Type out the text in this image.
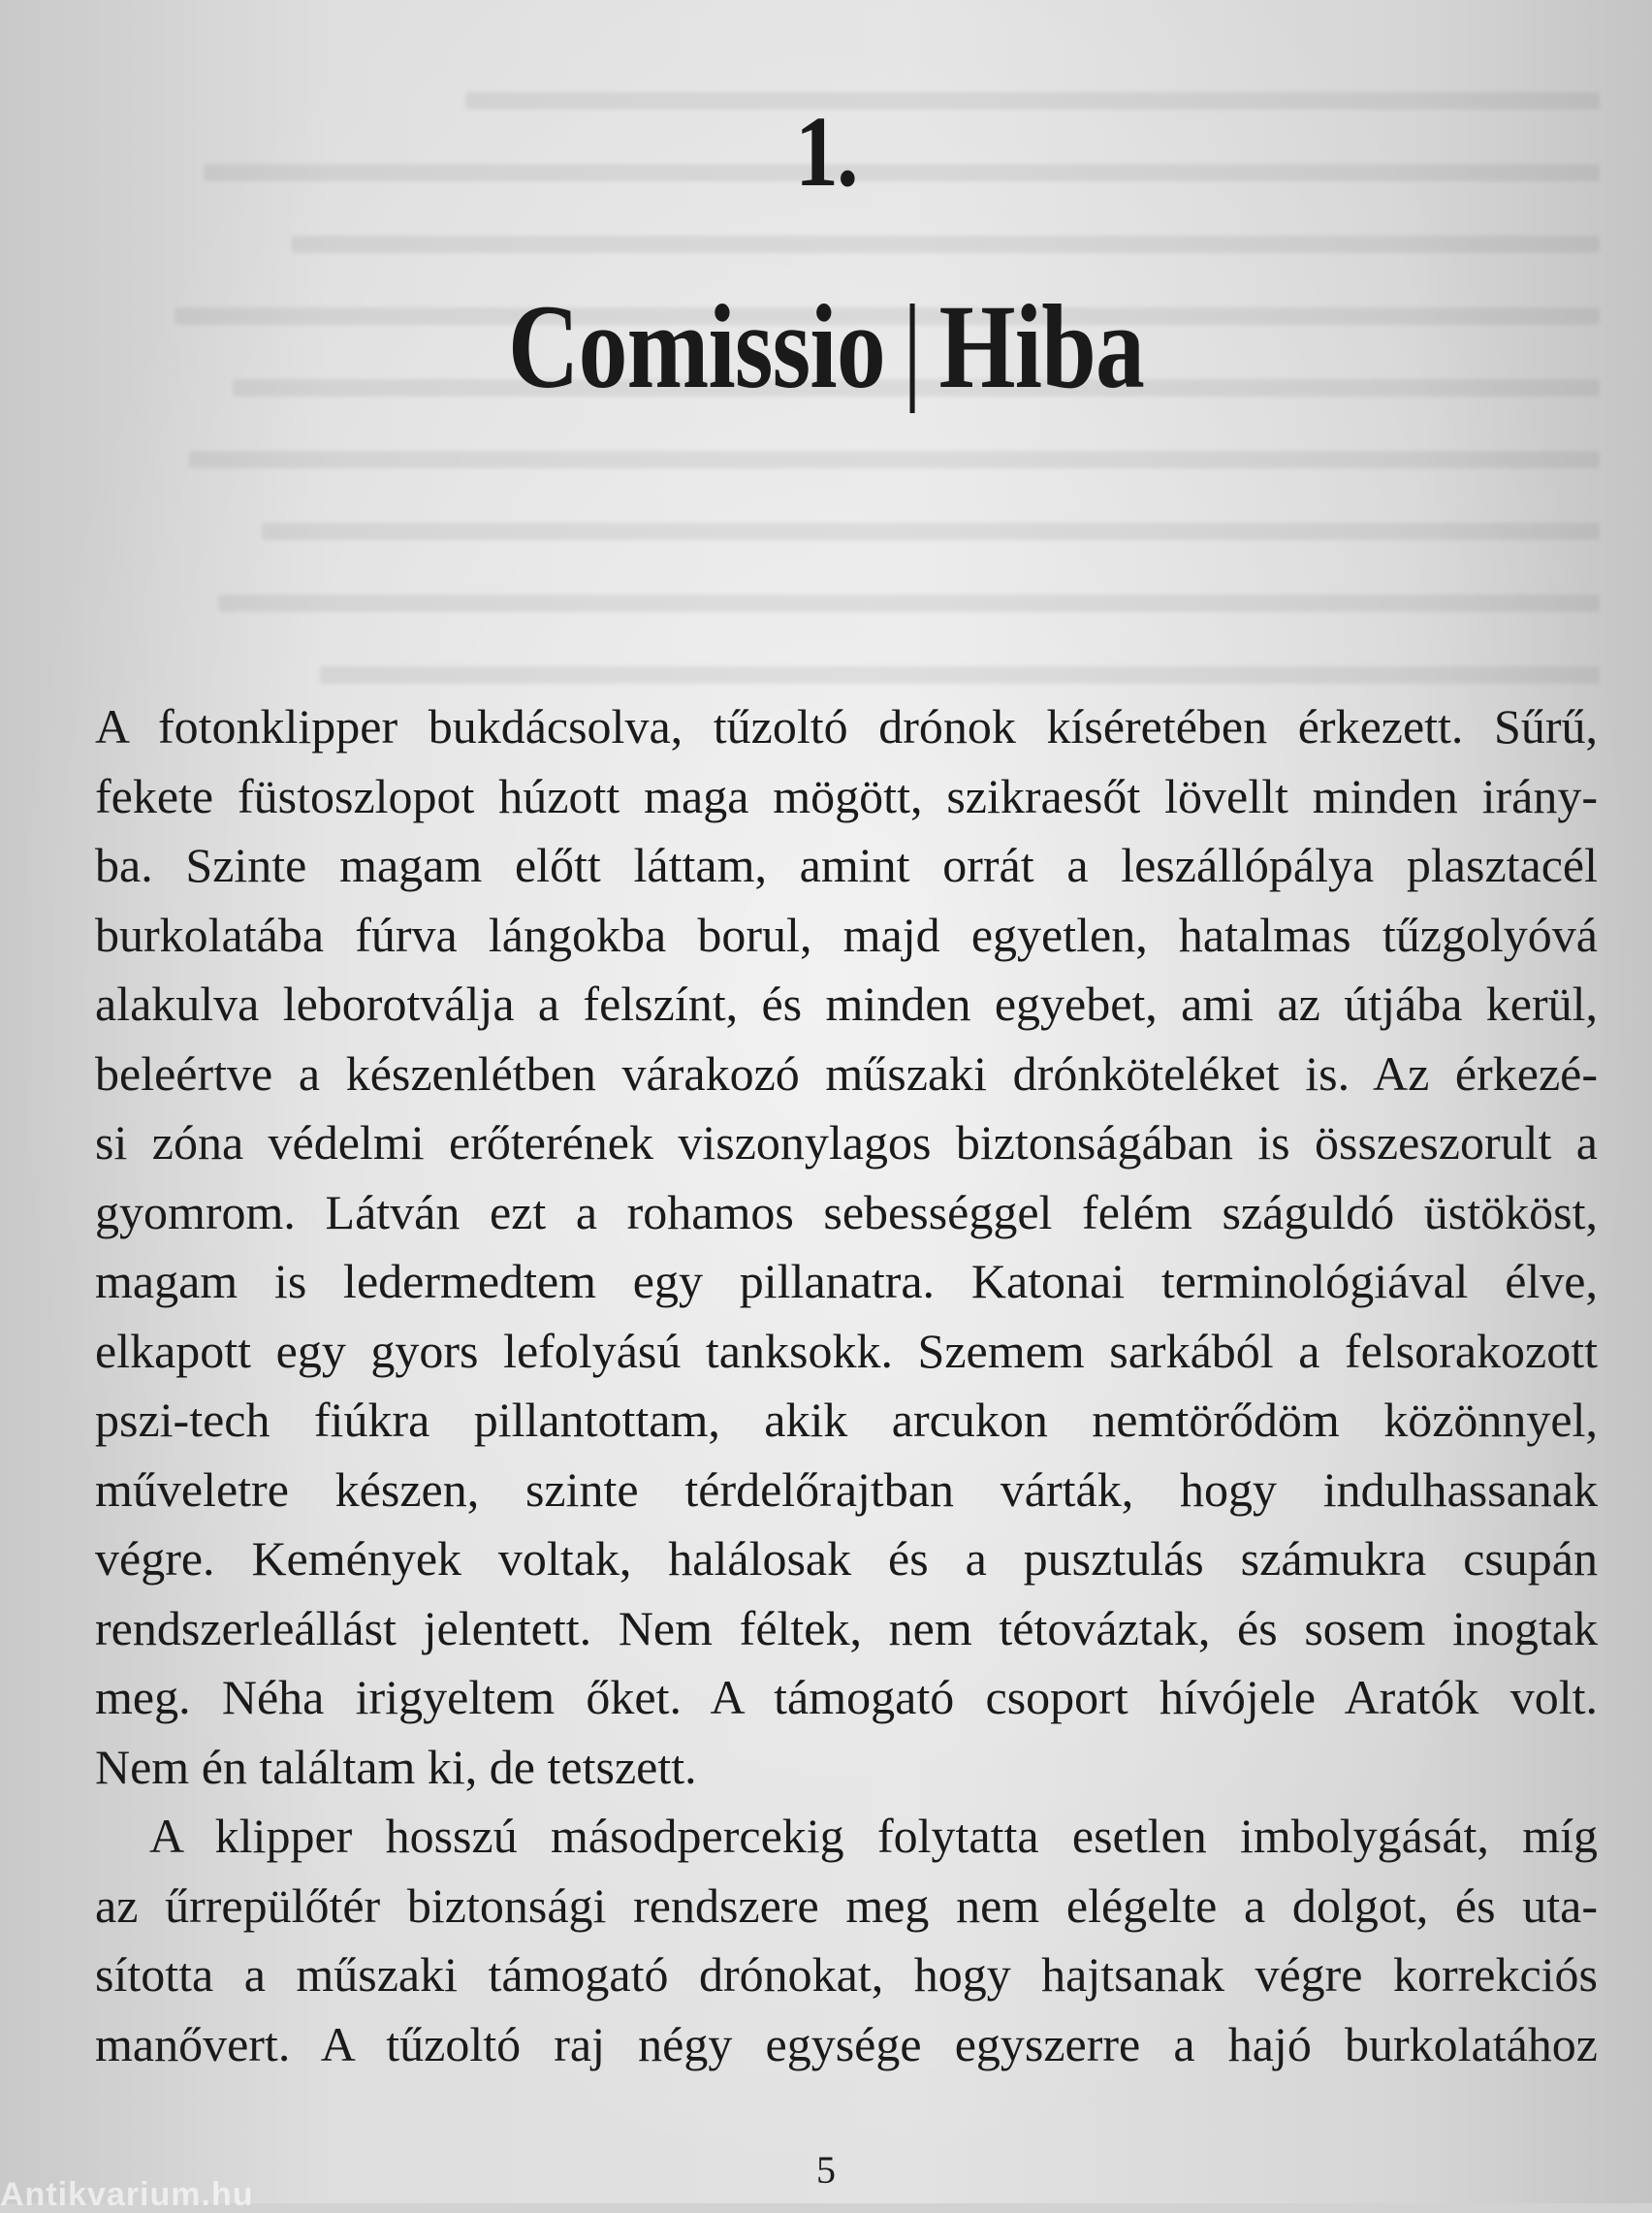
1.
Comissio | Hiba

A fotonklipper bukdácsolva, tűzoltó drónok kíséretében érkezett. Sűrű,
fekete füstoszlopot húzott maga mögött, szikraesőt lövellt minden irány-
ba. Szinte magam előtt láttam, amint orrát a leszállópálya plasztacél
burkolatába fúrva lángokba borul, majd egyetlen, hatalmas tűzgolyóvá
alakulva leborotválja a felszínt, és minden egyebet, ami az útjába kerül,
beleértve a készenlétben várakozó műszaki drónköteléket is. Az érkezé-
si zóna védelmi erőterének viszonylagos biztonságában is összeszorult a
gyomrom. Látván ezt a rohamos sebességgel felém száguldó üstököst,
magam is ledermedtem egy pillanatra. Katonai terminológiával élve,
elkapott egy gyors lefolyású tanksokk. Szemem sarkából a felsorakozott
pszi-tech fiúkra pillantottam, akik arcukon nemtörődöm közönnyel,
műveletre készen, szinte térdelőrajtban várták, hogy indulhassanak
végre. Kemények voltak, halálosak és a pusztulás számukra csupán
rendszerleállást jelentett. Nem féltek, nem tétováztak, és sosem inogtak
meg. Néha irigyeltem őket. A támogató csoport hívójele Aratók volt.
Nem én találtam ki, de tetszett.

A klipper hosszú másodpercekig folytatta esetlen imbolygását, míg
az űrrepülőtér biztonsági rendszere meg nem elégelte a dolgot, és uta-
sította a műszaki támogató drónokat, hogy hajtsanak végre korrekciós
manővert. A tűzoltó raj négy egysége egyszerre a hajó burkolatához

5
Antikvarium.hu
